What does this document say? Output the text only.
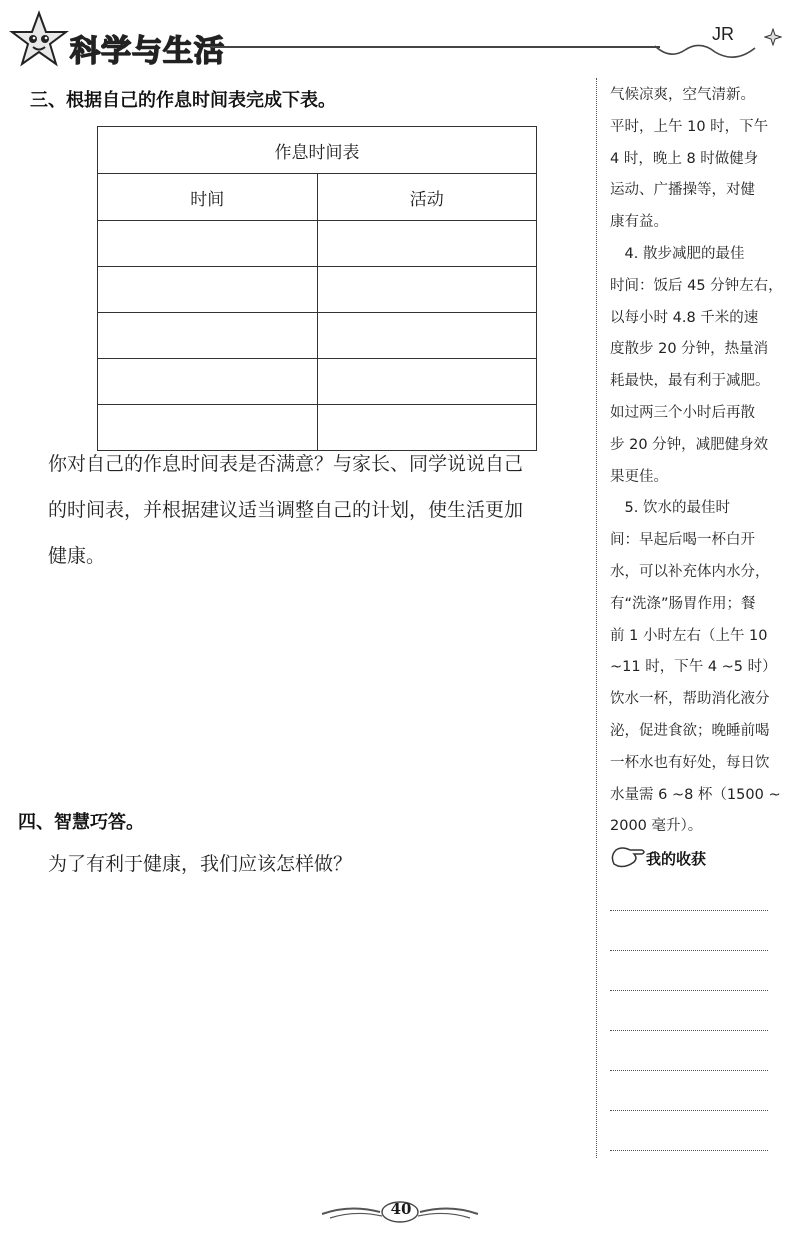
科学与生活	JR
三、根据自己的作息时间表完成下表。
作息时间表	
时间	活动

你对自己的作息时间表是否满意？与家长、同学说说自己
的时间表，并根据建议适当调整自己的计划，使生活更加
健康。
四、智慧巧答。
为了有利于健康，我们应该怎样做？

气候凉爽，空气清新。

平时，上午 10 时，下午

4 时，晚上 8 时做健身

运动、广播操等，对健

康有益。

　4. 散步减肥的最佳

时间：饭后 45 分钟左右，

以每小时 4.8 千米的速

度散步 20 分钟，热量消

耗最快，最有利于减肥。

如过两三个小时后再散

步 20 分钟，减肥健身效

果更佳。

　5. 饮水的最佳时

间：早起后喝一杯白开

水，可以补充体内水分，

有“洗涤”肠胃作用；餐

前 1 小时左右（上午 10

~11 时，下午 4 ~5 时）

饮水一杯，帮助消化液分

泌，促进食欲；晚睡前喝

一杯水也有好处，每日饮

水量需 6 ~8 杯（1500 ~

2000 毫升）。

我的收获
40
